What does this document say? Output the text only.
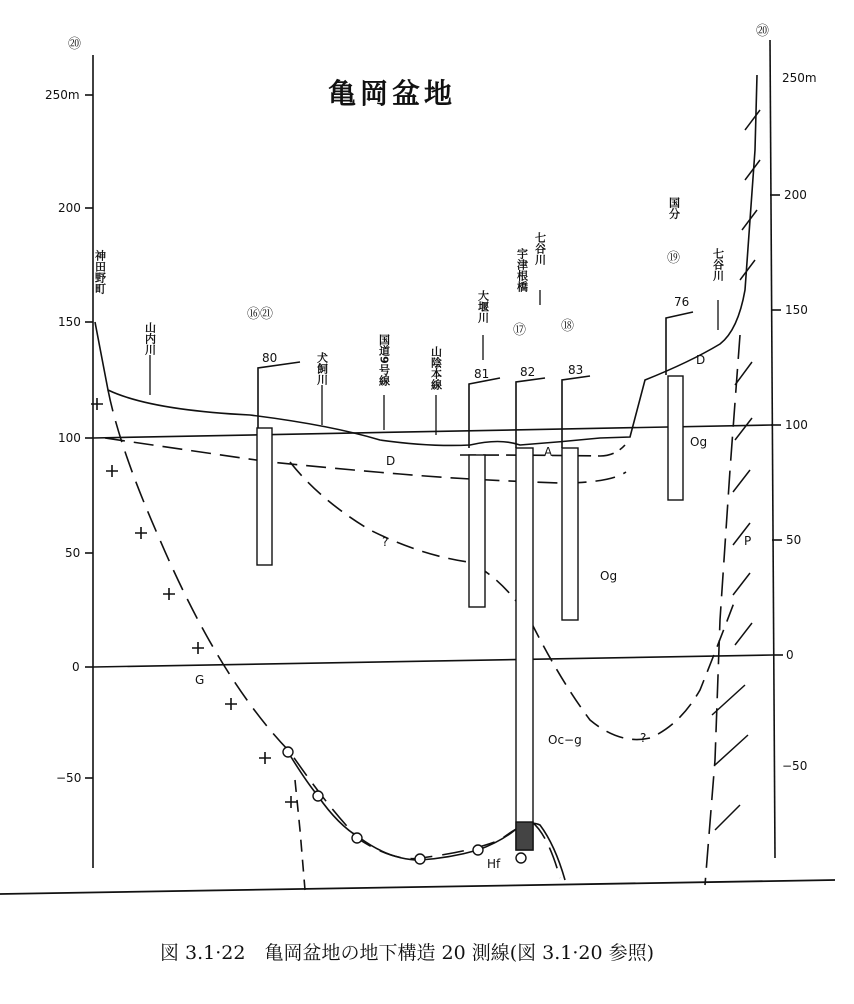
亀岡盆地
⑳
250m
200
150
100
50
0
−50
⑳
250m
200
150
100
50
0
−50
神田野町
山内川
犬飼川	国道9号線	山陰本線
大堰川
宇津根橋 七谷川
国分
七谷川
⑯㉑
80
81
⑰
82
⑱
83
⑲
76
D
D
A
Og
Og
Oc−g
P
G
Hf
?
?
図 3.1·22　亀岡盆地の地下構造 20 測線(図 3.1·20 参照)
